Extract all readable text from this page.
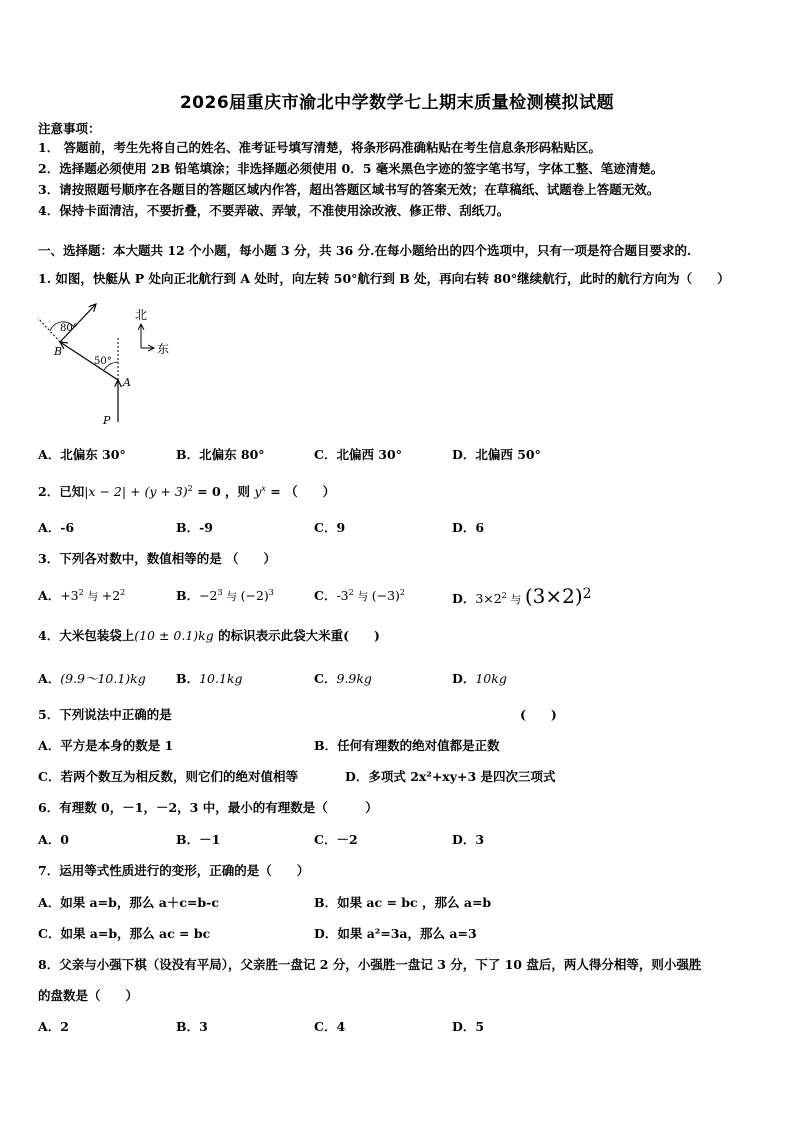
2026届重庆市渝北中学数学七上期末质量检测模拟试题
注意事项：
1． 答题前，考生先将自己的姓名、准考证号填写清楚，将条形码准确粘贴在考生信息条形码粘贴区。
2．选择题必须使用 2B 铅笔填涂；非选择题必须使用 0．5 毫米黑色字迹的签字笔书写，字体工整、笔迹清楚。
3．请按照题号顺序在各题目的答题区域内作答，超出答题区域书写的答案无效；在草稿纸、试题卷上答题无效。
4．保持卡面清洁，不要折叠，不要弄破、弄皱，不准使用涂改液、修正带、刮纸刀。
一、选择题：本大题共 12 个小题，每小题 3 分，共 36 分.在每小题给出的四个选项中，只有一项是符合题目要求的.
1. 如图，快艇从 P 处向正北航行到 A 处时，向左转 50°航行到 B 处，再向右转 80°继续航行，此时的航行方向为（　　）
80°
50°
B
A
P
北
东
A．北偏东 30°	B．北偏东 80°	C．北偏西 30°	D．北偏西 50°
2．已知$|x - 2| + (y + 3)^2 = 0$ ，则 $y^x$ = （　　）
A．-6	B．-9	C．9	D．6
3．下列各对数中，数值相等的是 （　　）
A．$+3^2$ 与 $+2^2$	B．$-2^3$ 与 $(-2)^3$	C．$-3^2$ 与 $(-3)^2$	D．$3\times 2^2$ 与 $(3\times 2)^2$
4．大米包装袋上(10 ± 0.1)kg 的标识表示此袋大米重(　　)
A．(9.9～10.1)kg B．10.1kg	C．9.9kg	D．10kg
5．下列说法中正确的是	(　　)
A．平方是本身的数是 1	B．任何有理数的绝对值都是正数
C．若两个数互为相反数，则它们的绝对值相等	D．多项式 2x²+xy+3 是四次三项式
6．有理数 0，－1，－2，3 中，最小的有理数是（　　　）
A．0	B．－1	C．－2	D．3
7．运用等式性质进行的变形，正确的是（　　）
A．如果 a=b，那么 a＋c=b-c	B．如果 ac = bc ，那么 a=b
C．如果 a=b，那么 ac = bc	D．如果 a²=3a，那么 a=3
8．父亲与小强下棋（设没有平局），父亲胜一盘记 2 分，小强胜一盘记 3 分，下了 10 盘后，两人得分相等，则小强胜
的盘数是（　　）
A．2	B．3	C．4	D．5
